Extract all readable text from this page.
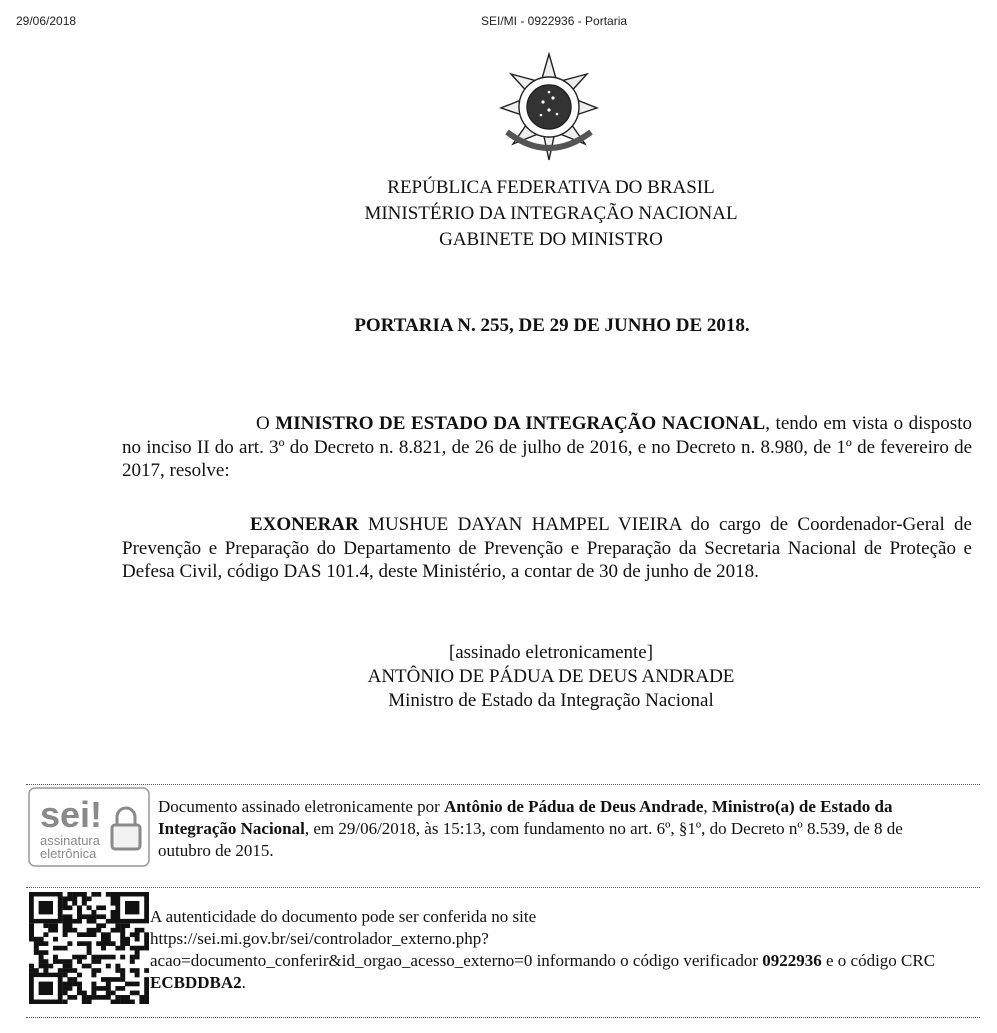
29/06/2018	SEI/MI - 0922936 - Portaria
REPÚBLICA FEDERATIVA DO BRASIL
MINISTÉRIO DA INTEGRAÇÃO NACIONAL
GABINETE DO MINISTRO
PORTARIA N. 255, DE 29 DE JUNHO DE 2018.
O MINISTRO DE ESTADO DA INTEGRAÇÃO NACIONAL, tendo em vista o disposto no inciso II do art. 3º do Decreto n. 8.821, de 26 de julho de 2016, e no Decreto n. 8.980, de 1º de fevereiro de 2017, resolve:
EXONERAR MUSHUE DAYAN HAMPEL VIEIRA do cargo de Coordenador-Geral de Prevenção e Preparação do Departamento de Prevenção e Preparação da Secretaria Nacional de Proteção e Defesa Civil, código DAS 101.4, deste Ministério, a contar de 30 de junho de 2018.
[assinado eletronicamente]
ANTÔNIO DE PÁDUA DE DEUS ANDRADE
Ministro de Estado da Integração Nacional
sei!
assinatura
eletrônica
Documento assinado eletronicamente por Antônio de Pádua de Deus Andrade, Ministro(a) de Estado da Integração Nacional, em 29/06/2018, às 15:13, com fundamento no art. 6º, §1º, do Decreto nº 8.539, de 8 de outubro de 2015.
A autenticidade do documento pode ser conferida no site
https://sei.mi.gov.br/sei/controlador_externo.php?
acao=documento_conferir&id_orgao_acesso_externo=0 informando o código verificador 0922936 e o código CRC ECBDDBA2.
